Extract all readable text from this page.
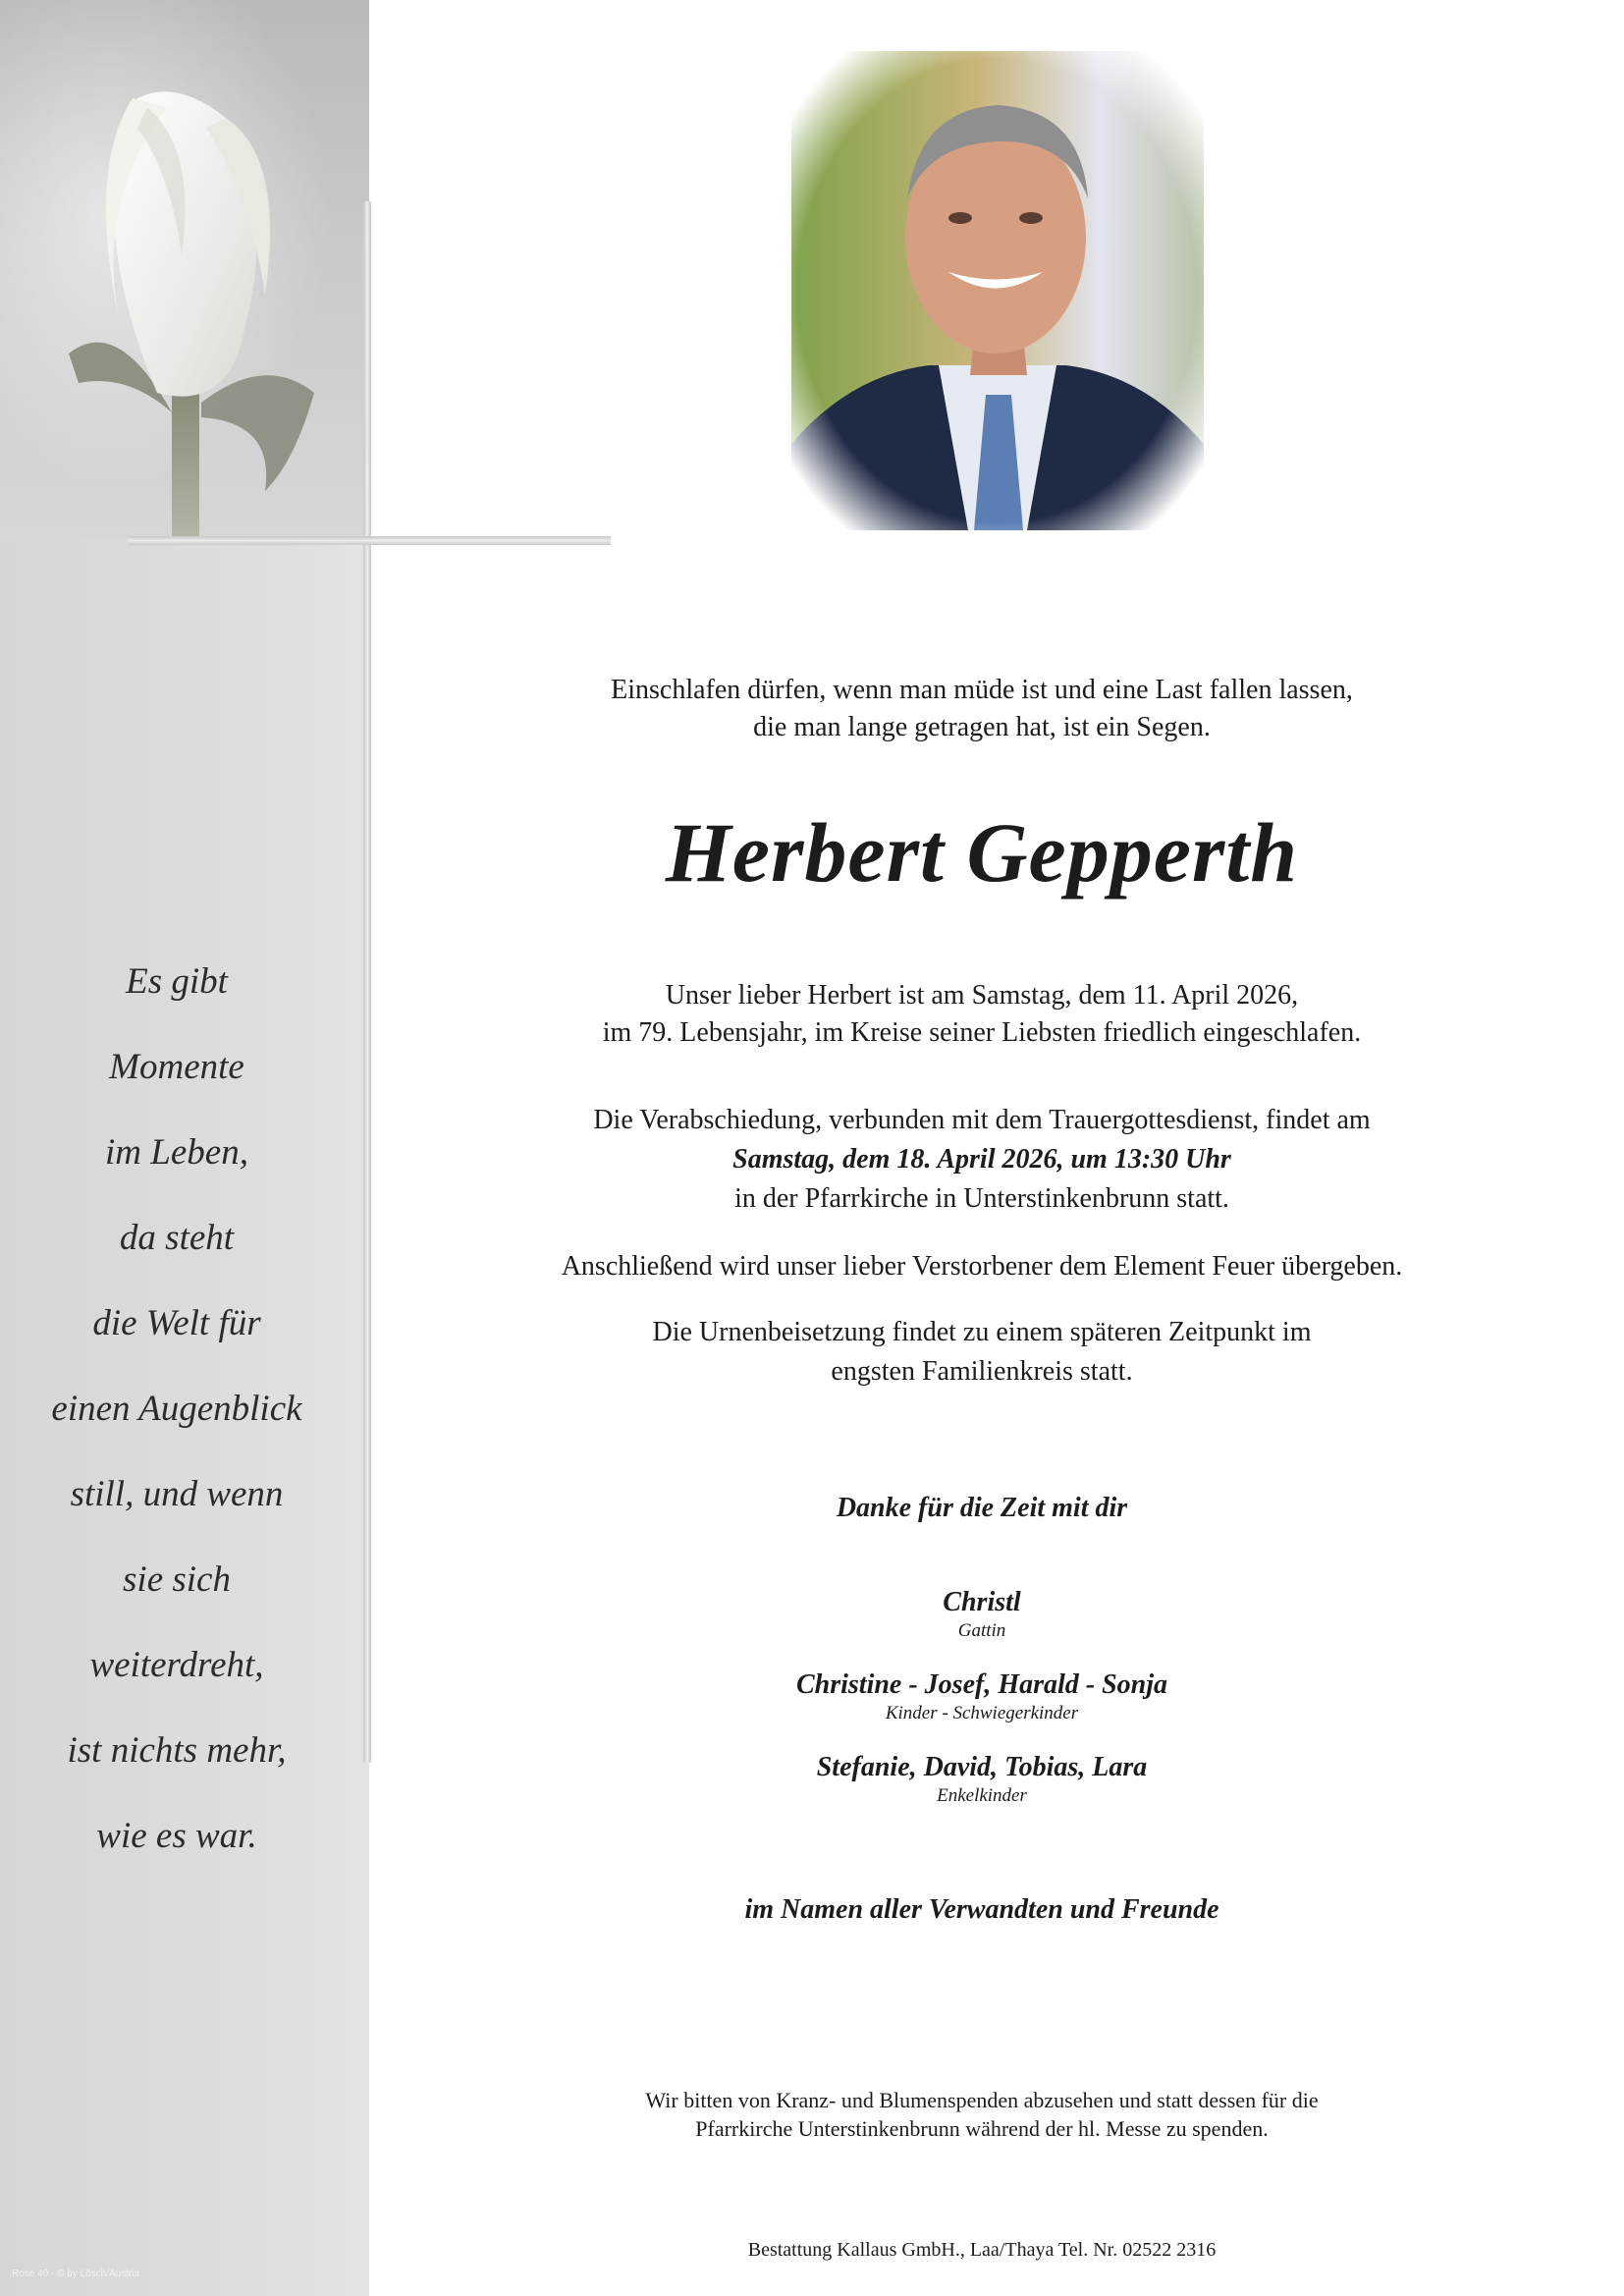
Einschlafen dürfen, wenn man müde ist und eine Last fallen lassen,
die man lange getragen hat, ist ein Segen.
Herbert Gepperth
Unser lieber Herbert ist am Samstag, dem 11. April 2026,
im 79. Lebensjahr, im Kreise seiner Liebsten friedlich eingeschlafen.
Die Verabschiedung, verbunden mit dem Trauergottesdienst, findet am
Samstag, dem 18. April 2026, um 13:30 Uhr
in der Pfarrkirche in Unterstinkenbrunn statt.
Anschließend wird unser lieber Verstorbener dem Element Feuer übergeben.
Die Urnenbeisetzung findet zu einem späteren Zeitpunkt im
engsten Familienkreis statt.
Danke für die Zeit mit dir
Christl
Gattin
Christine - Josef, Harald - Sonja
Kinder - Schwiegerkinder
Stefanie, David, Tobias, Lara
Enkelkinder
im Namen aller Verwandten und Freunde
Wir bitten von Kranz- und Blumenspenden abzusehen und statt dessen für die
Pfarrkirche Unterstinkenbrunn während der hl. Messe zu spenden.
Bestattung Kallaus GmbH., Laa/Thaya Tel. Nr. 02522 2316
Es gibt
Momente
im Leben,
da steht
die Welt für
einen Augenblick
still, und wenn
sie sich
weiterdreht,
ist nichts mehr,
wie es war.
Rose 40 - © by Lösch/Austria
